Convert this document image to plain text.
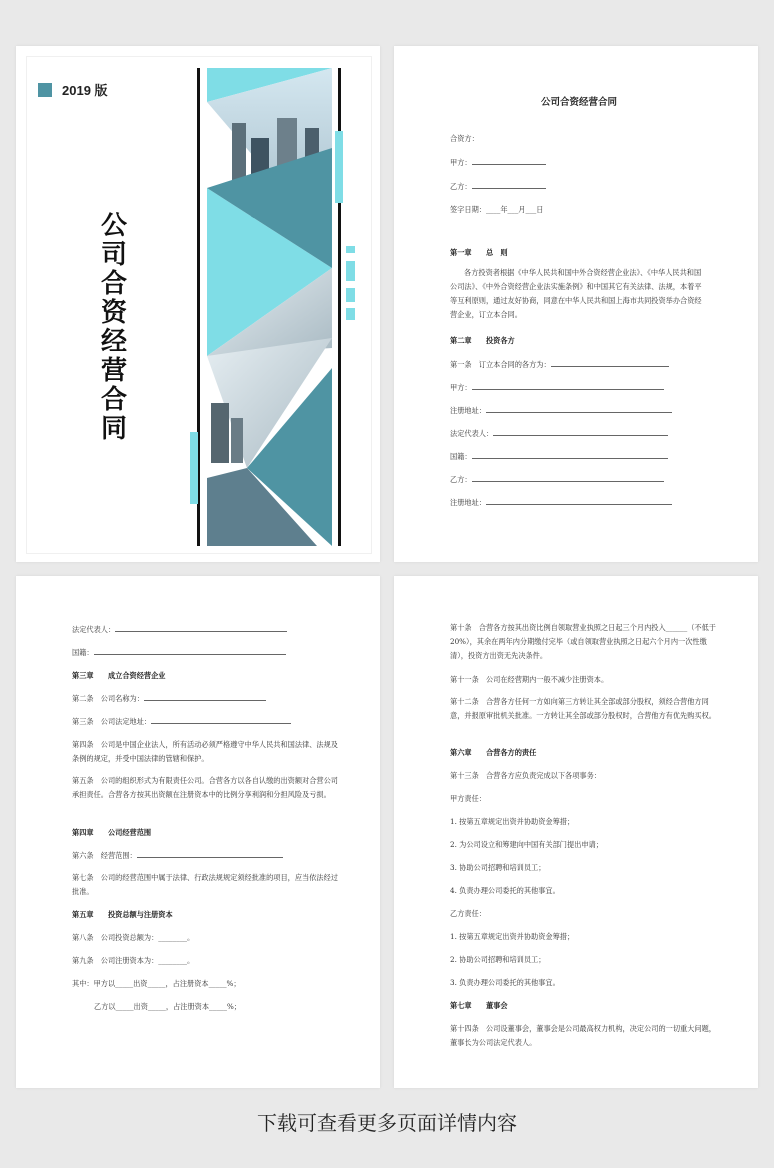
2019 版
公司合资经营合同
公司合资经营合同
合资方：
甲方：
乙方：
签字日期：____年___月___日
第一章　　总　则
各方投资者根据《中华人民共和国中外合资经营企业法》、《中华人民共和国公司法》、《中外合资经营企业法实施条例》和中国其它有关法律、法规，本着平等互利原则，通过友好协商，同意在中华人民共和国上海市共同投资举办合资经营企业，订立本合同。
第二章　　投资各方
第一条　订立本合同的各方为：
甲方：
注册地址：
法定代表人：
国籍：
乙方：
注册地址：
法定代表人：
国籍：
第三章　　成立合资经营企业
第二条　公司名称为：
第三条　公司法定地址：
第四条　公司是中国企业法人，所有活动必须严格遵守中华人民共和国法律、法规及条例的规定，并受中国法律的管辖和保护。
第五条　公司的组织形式为有限责任公司。合营各方以各自认缴的出资额对合营公司承担责任。合营各方按其出资额在注册资本中的比例分享利润和分担风险及亏损。
第四章　　公司经营范围
第六条　经营范围：
第七条　公司的经营范围中属于法律、行政法规规定须经批准的项目，应当依法经过批准。
第五章　　投资总额与注册资本
第八条　公司投资总额为：________。
第九条　公司注册资本为：________。
其中：甲方以_____出资_____，占注册资本_____%；
乙方以_____出资_____，占注册资本_____%；
第十条　合营各方按其出资比例自领取营业执照之日起三个月内投入______（不低于20%），其余在两年内分期缴付完毕（或自领取营业执照之日起六个月内一次性缴清），投资方出资无先决条件。
第十一条　公司在经营期内一般不减少注册资本。
第十二条　合营各方任何一方如向第三方转让其全部或部分股权，须经合营他方同意，并报原审批机关批准。一方转让其全部或部分股权时，合营他方有优先购买权。
第六章　　合营各方的责任
第十三条　合营各方应负责完成以下各项事务：
甲方责任：
1. 按第五章规定出资并协助资金筹措；
2. 为公司设立和筹建向中国有关部门提出申请；
3. 协助公司招聘和培训员工；
4. 负责办理公司委托的其他事宜。
乙方责任：
1. 按第五章规定出资并协助资金筹措；
2. 协助公司招聘和培训员工；
3. 负责办理公司委托的其他事宜。
第七章　　董事会
第十四条　公司设董事会，董事会是公司最高权力机构，决定公司的一切重大问题，董事长为公司法定代表人。
下载可查看更多页面详情内容
